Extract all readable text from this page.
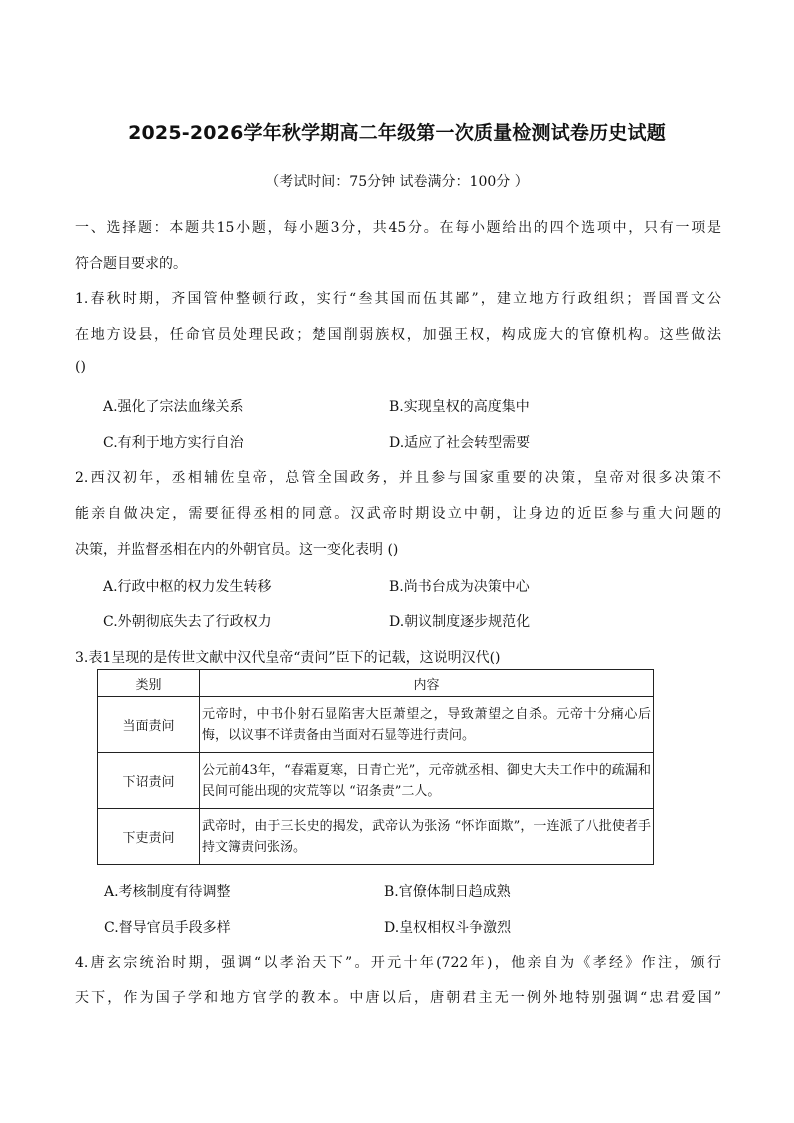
2025-2026学年秋学期高二年级第一次质量检测试卷历史试题
（考试时间：75分钟 试卷满分：100分 ）
一、选择题：本题共15小题，每小题3分，共45分。在每小题给出的四个选项中，只有一项是
符合题目要求的。
1.春秋时期，齐国管仲整顿行政，实行“叁其国而伍其鄙”，建立地方行政组织；晋国晋文公
在地方设县，任命官员处理民政；楚国削弱族权，加强王权，构成庞大的官僚机构。这些做法
()
A.强化了宗法血缘关系	B.实现皇权的高度集中
C.有利于地方实行自治	D.适应了社会转型需要
2.西汉初年，丞相辅佐皇帝，总管全国政务，并且参与国家重要的决策，皇帝对很多决策不
能亲自做决定，需要征得丞相的同意。汉武帝时期设立中朝，让身边的近臣参与重大问题的
决策，并监督丞相在内的外朝官员。这一变化表明 ()
A.行政中枢的权力发生转移	B.尚书台成为决策中心
C.外朝彻底失去了行政权力	D.朝议制度逐步规范化
3.表1呈现的是传世文献中汉代皇帝“责问”臣下的记载，这说明汉代()
类别	内容
当面责问	元帝时，中书仆射石显陷害大臣萧望之，导致萧望之自杀。元帝十分痛心后悔，以议事不详责备由当面对石显等进行责问。
下诏责问	公元前43年，“春霜夏寒，日青亡光”，元帝就丞相、御史大夫工作中的疏漏和民间可能出现的灾荒等以 “诏条责”二人。
下吏责问	武帝时，由于三长史的揭发，武帝认为张汤 “怀诈面欺”，一连派了八批使者手持文簿责问张汤。
A.考核制度有待调整	B.官僚体制日趋成熟
C.督导官员手段多样	D.皇权相权斗争激烈
4.唐玄宗统治时期，强调“以孝治天下”。开元十年(722年)，他亲自为《孝经》作注，颁行
天下，作为国子学和地方官学的教本。中唐以后，唐朝君主无一例外地特别强调“忠君爱国”
